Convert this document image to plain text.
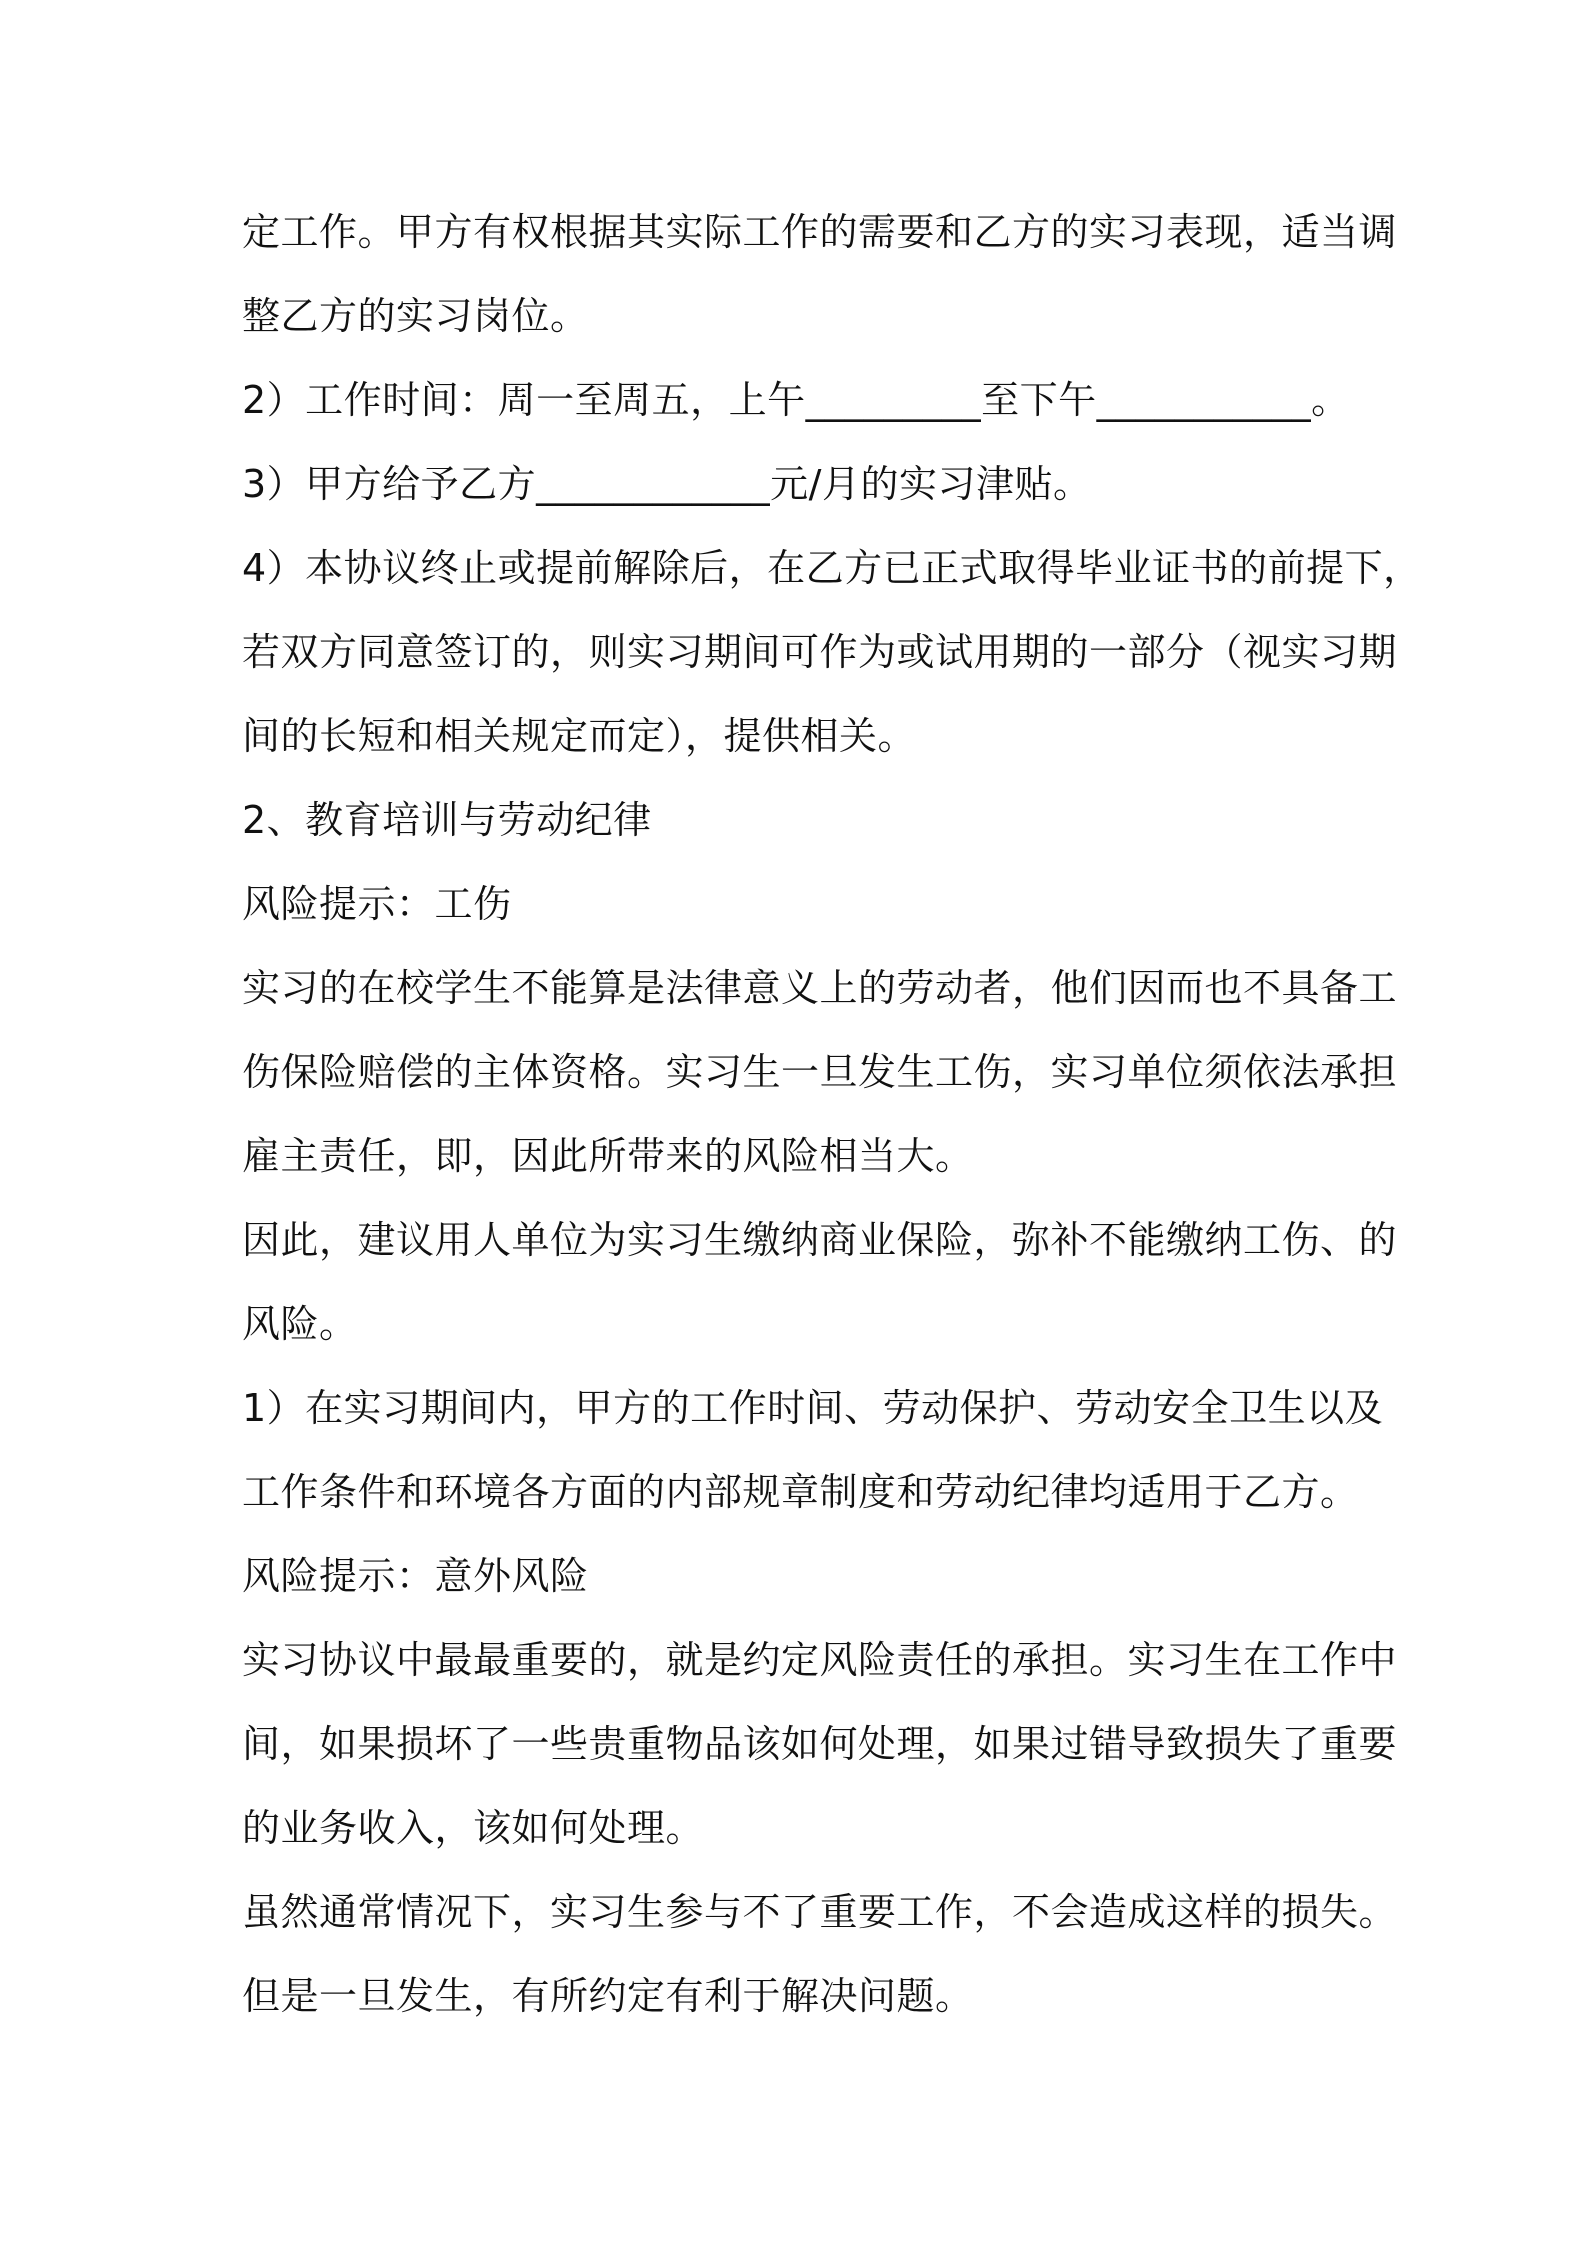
定工作。甲方有权根据其实际工作的需要和乙方的实习表现，适当调
整乙方的实习岗位。
2）工作时间：周一至周五，上午_________至下午___________。
3）甲方给予乙方____________元/月的实习津贴。
4）本协议终止或提前解除后，在乙方已正式取得毕业证书的前提下，
若双方同意签订的，则实习期间可作为或试用期的一部分（视实习期
间的长短和相关规定而定），提供相关。
2、教育培训与劳动纪律
风险提示：工伤
实习的在校学生不能算是法律意义上的劳动者，他们因而也不具备工
伤保险赔偿的主体资格。实习生一旦发生工伤，实习单位须依法承担
雇主责任，即，因此所带来的风险相当大。
因此，建议用人单位为实习生缴纳商业保险，弥补不能缴纳工伤、的
风险。
1）在实习期间内，甲方的工作时间、劳动保护、劳动安全卫生以及
工作条件和环境各方面的内部规章制度和劳动纪律均适用于乙方。
风险提示：意外风险
实习协议中最最重要的，就是约定风险责任的承担。实习生在工作中
间，如果损坏了一些贵重物品该如何处理，如果过错导致损失了重要
的业务收入，该如何处理。
虽然通常情况下，实习生参与不了重要工作，不会造成这样的损失。
但是一旦发生，有所约定有利于解决问题。
